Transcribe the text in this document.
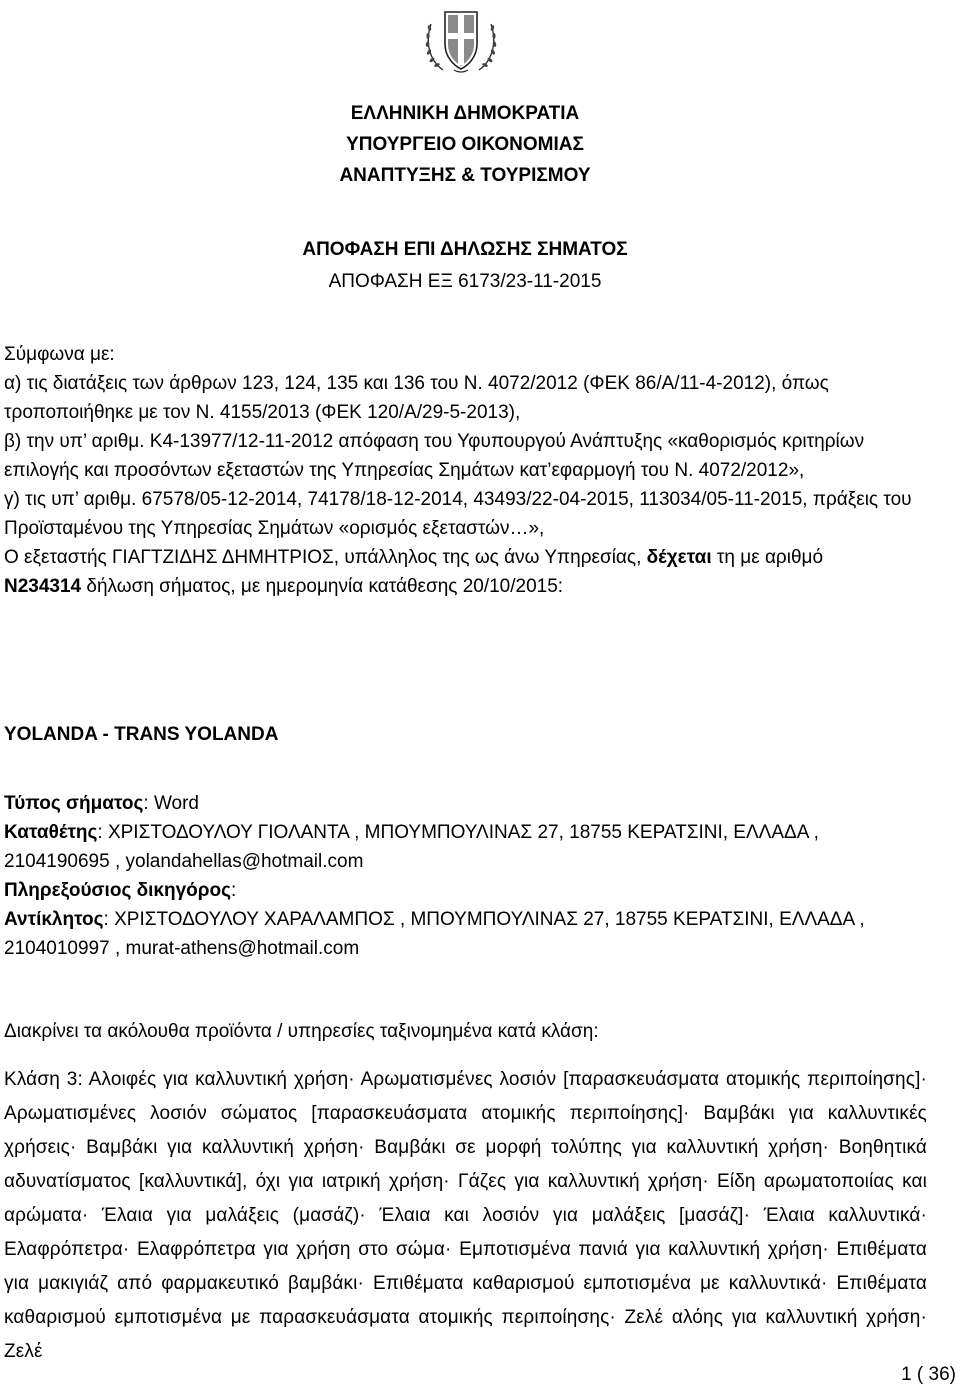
ΕΛΛΗΝΙΚΗ ΔΗΜΟΚΡΑΤΙΑ
ΥΠΟΥΡΓΕΙΟ ΟΙΚΟΝΟΜΙΑΣ
ΑΝΑΠΤΥΞΗΣ & ΤΟΥΡΙΣΜΟΥ
ΑΠΟΦΑΣΗ ΕΠΙ ΔΗΛΩΣΗΣ ΣΗΜΑΤΟΣ
ΑΠΟΦΑΣΗ ΕΞ 6173/23-11-2015

Σύμφωνα με:

α) τις διατάξεις των άρθρων 123, 124, 135 και 136 του Ν. 4072/2012 (ΦΕΚ 86/Α/11-4-2012), όπως τροποποιήθηκε με τον Ν. 4155/2013 (ΦΕΚ 120/Α/29-5-2013),

β) την υπ’ αριθμ. Κ4-13977/12-11-2012 απόφαση του Υφυπουργού Ανάπτυξης «καθορισμός κριτηρίων επιλογής και προσόντων εξεταστών της Υπηρεσίας Σημάτων κατ’εφαρμογή του Ν. 4072/2012»,

γ) τις υπ’ αριθμ. 67578/05-12-2014, 74178/18-12-2014, 43493/22-04-2015, 113034/05-11-2015, πράξεις του Προϊσταμένου της Υπηρεσίας Σημάτων «ορισμός εξεταστών…»,

Ο εξεταστής ΓΙΑΓΤΖΙΔΗΣ ΔΗΜΗΤΡΙΟΣ, υπάλληλος της ως άνω Υπηρεσίας, δέχεται τη με αριθμό
Ν234314 δήλωση σήματος, με ημερομηνία κατάθεσης 20/10/2015:

YOLANDA - TRANS YOLANDA

Τύπος σήματος: Word

Καταθέτης: ΧΡΙΣΤΟΔΟΥΛΟΥ ΓΙΟΛΑΝΤΑ , ΜΠΟΥΜΠΟΥΛΙΝΑΣ 27, 18755 ΚΕΡΑΤΣΙΝΙ, ΕΛΛΑΔΑ , 2104190695 , yolandahellas@hotmail.com

Πληρεξούσιος δικηγόρος:

Αντίκλητος: ΧΡΙΣΤΟΔΟΥΛΟΥ ΧΑΡΑΛΑΜΠΟΣ , ΜΠΟΥΜΠΟΥΛΙΝΑΣ 27, 18755 ΚΕΡΑΤΣΙΝΙ, ΕΛΛΑΔΑ , 2104010997 , murat-athens@hotmail.com

Διακρίνει τα ακόλουθα προϊόντα / υπηρεσίες ταξινομημένα κατά κλάση:
Κλάση 3: Αλοιφές για καλλυντική χρήση· Αρωματισμένες λοσιόν [παρασκευάσματα ατομικής περιποίησης]· Αρωματισμένες λοσιόν σώματος [παρασκευάσματα ατομικής περιποίησης]· Βαμβάκι για καλλυντικές χρήσεις· Βαμβάκι για καλλυντική χρήση· Βαμβάκι σε μορφή τολύπης για καλλυντική χρήση· Βοηθητικά αδυνατίσματος [καλλυντικά], όχι για ιατρική χρήση· Γάζες για καλλυντική χρήση· Είδη αρωματοποιίας και αρώματα· Έλαια για μαλάξεις (μασάζ)· Έλαια και λοσιόν για μαλάξεις [μασάζ]· Έλαια καλλυντικά· Ελαφρόπετρα· Ελαφρόπετρα για χρήση στο σώμα· Εμποτισμένα πανιά για καλλυντική χρήση· Επιθέματα για μακιγιάζ από φαρμακευτικό βαμβάκι· Επιθέματα καθαρισμού εμποτισμένα με καλλυντικά· Επιθέματα καθαρισμού εμποτισμένα με παρασκευάσματα ατομικής περιποίησης· Ζελέ αλόης για καλλυντική χρήση· Ζελέ
1 ( 36)
